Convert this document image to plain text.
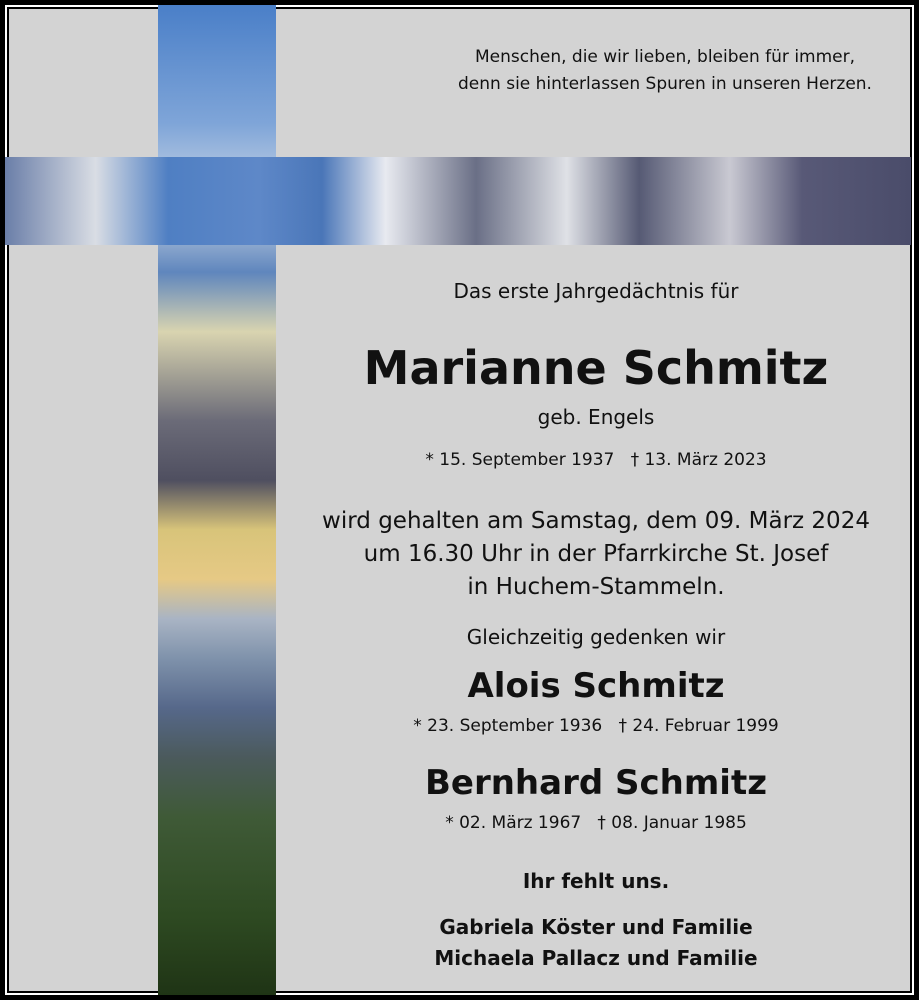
Menschen, die wir lieben, bleiben für immer,
denn sie hinterlassen Spuren in unseren Herzen.
Das erste Jahrgedächtnis für
Marianne Schmitz
geb. Engels
* 15. September 1937   † 13. März 2023
wird gehalten am Samstag, dem 09. März 2024
um 16.30 Uhr in der Pfarrkirche St. Josef
in Huchem-Stammeln.
Gleichzeitig gedenken wir
Alois Schmitz
* 23. September 1936   † 24. Februar 1999
Bernhard Schmitz
* 02. März 1967   † 08. Januar 1985
Ihr fehlt uns.
Gabriela Köster und Familie
Michaela Pallacz und Familie
